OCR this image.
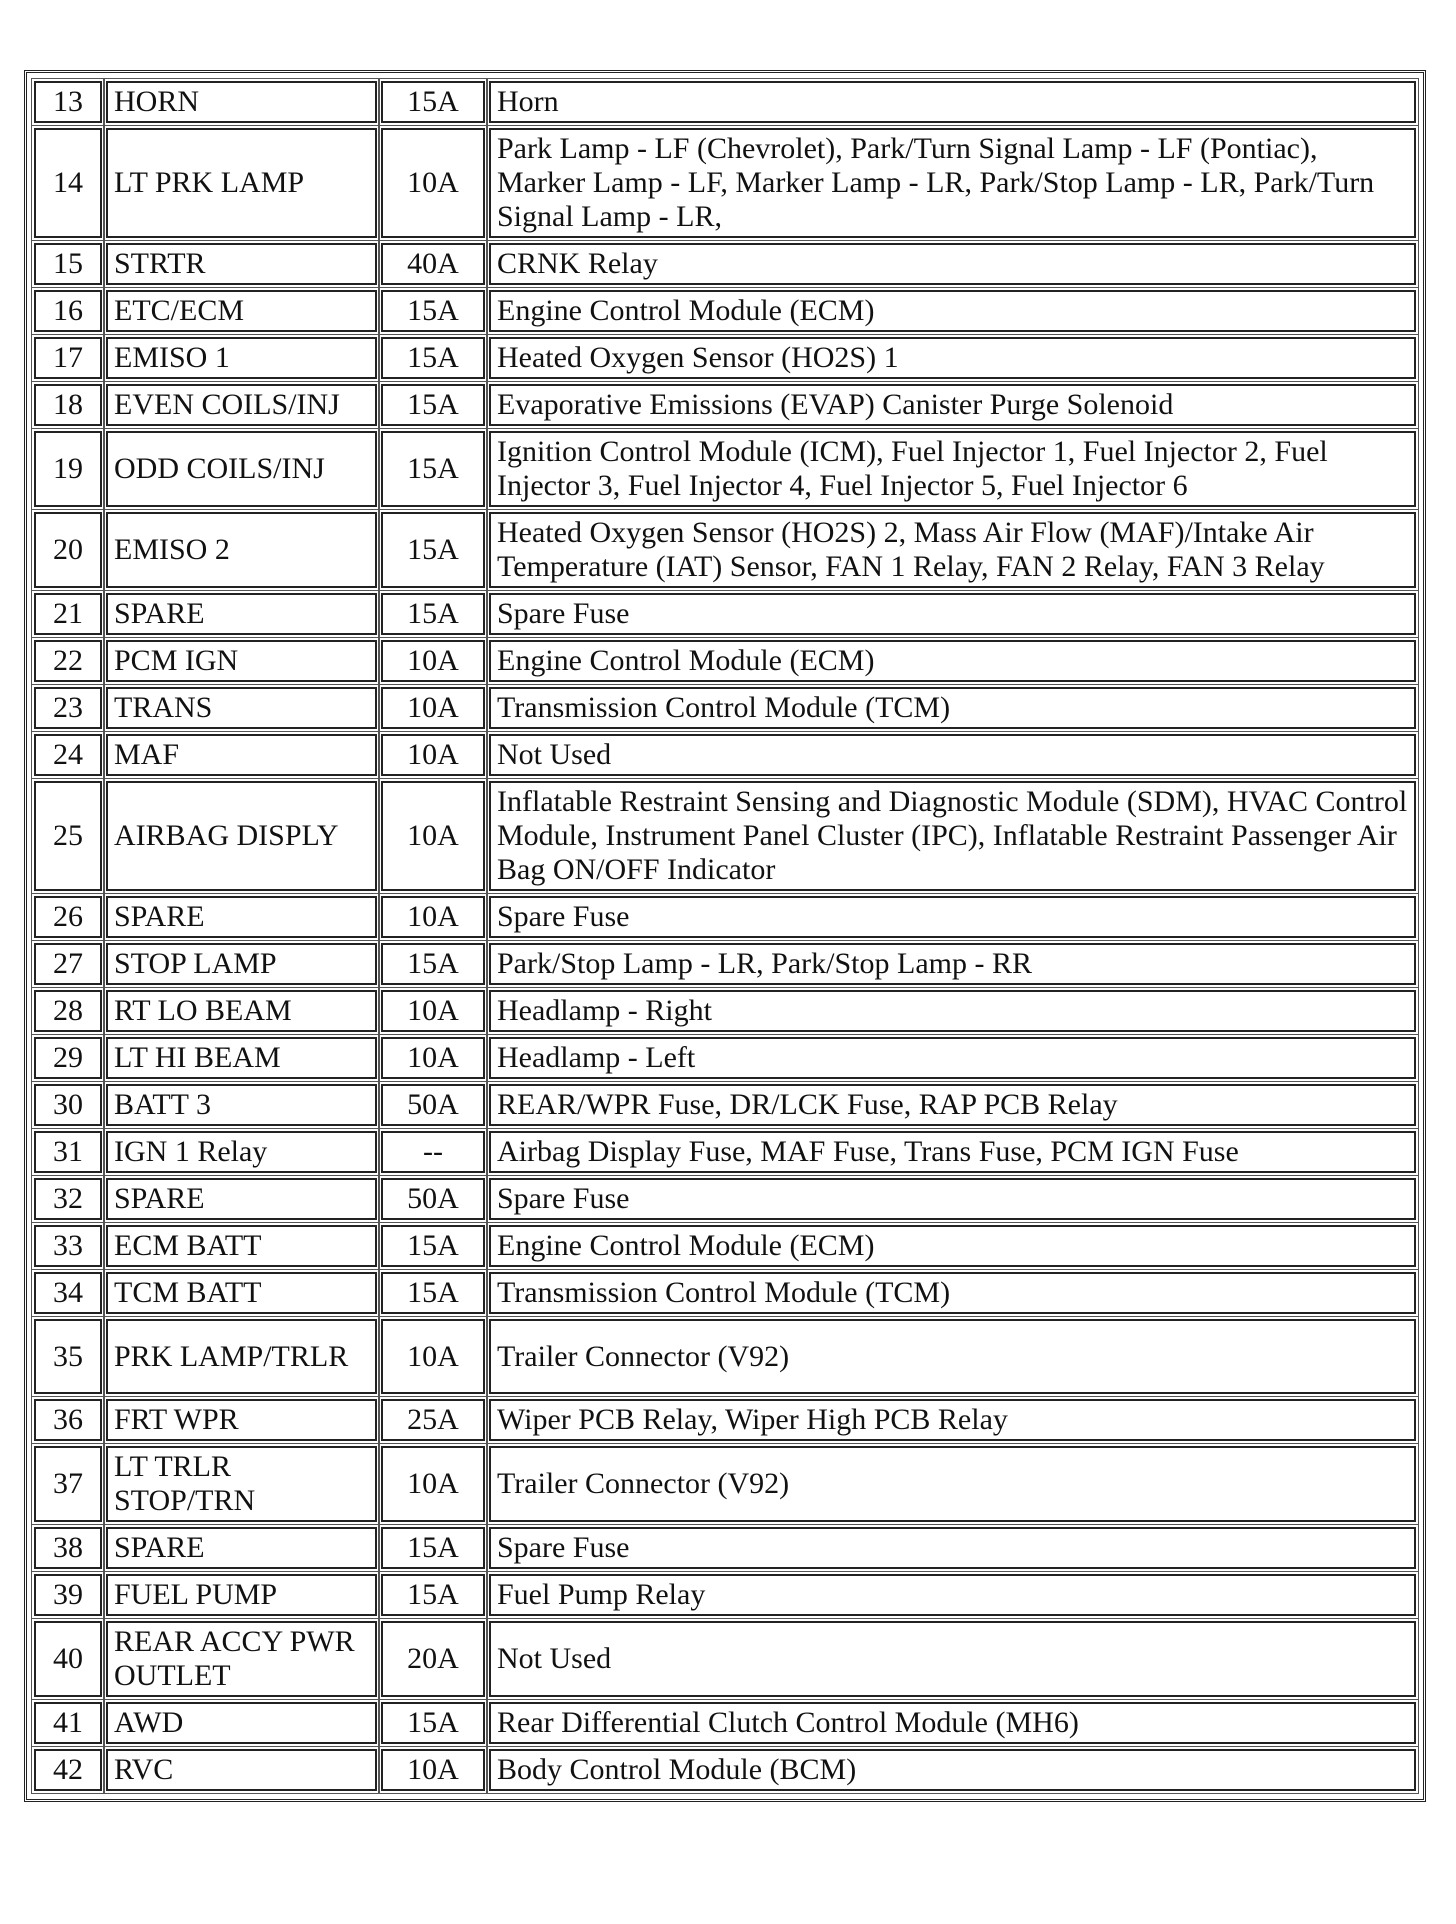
13	HORN	15A	Horn
14	LT PRK LAMP	10A	Park Lamp - LF (Chevrolet), Park/Turn Signal Lamp - LF (Pontiac), Marker Lamp - LF, Marker Lamp - LR, Park/Stop Lamp - LR, Park/Turn Signal Lamp - LR,
15	STRTR	40A	CRNK Relay
16	ETC/ECM	15A	Engine Control Module (ECM)
17	EMISO 1	15A	Heated Oxygen Sensor (HO2S) 1
18	EVEN COILS/INJ	15A	Evaporative Emissions (EVAP) Canister Purge Solenoid
19	ODD COILS/INJ	15A	Ignition Control Module (ICM), Fuel Injector 1, Fuel Injector 2, Fuel Injector 3, Fuel Injector 4, Fuel Injector 5, Fuel Injector 6
20	EMISO 2	15A	Heated Oxygen Sensor (HO2S) 2, Mass Air Flow (MAF)/Intake Air Temperature (IAT) Sensor, FAN 1 Relay, FAN 2 Relay, FAN 3 Relay
21	SPARE	15A	Spare Fuse
22	PCM IGN	10A	Engine Control Module (ECM)
23	TRANS	10A	Transmission Control Module (TCM)
24	MAF	10A	Not Used
25	AIRBAG DISPLY	10A	Inflatable Restraint Sensing and Diagnostic Module (SDM), HVAC Control Module, Instrument Panel Cluster (IPC), Inflatable Restraint Passenger Air Bag ON/OFF Indicator
26	SPARE	10A	Spare Fuse
27	STOP LAMP	15A	Park/Stop Lamp - LR, Park/Stop Lamp - RR
28	RT LO BEAM	10A	Headlamp - Right
29	LT HI BEAM	10A	Headlamp - Left
30	BATT 3	50A	REAR/WPR Fuse, DR/LCK Fuse, RAP PCB Relay
31	IGN 1 Relay	--	Airbag Display Fuse, MAF Fuse, Trans Fuse, PCM IGN Fuse
32	SPARE	50A	Spare Fuse
33	ECM BATT	15A	Engine Control Module (ECM)
34	TCM BATT	15A	Transmission Control Module (TCM)
35	PRK LAMP/TRLR	10A	Trailer Connector (V92)
36	FRT WPR	25A	Wiper PCB Relay, Wiper High PCB Relay
37	LT TRLR STOP/TRN	10A	Trailer Connector (V92)
38	SPARE	15A	Spare Fuse
39	FUEL PUMP	15A	Fuel Pump Relay
40	REAR ACCY PWR OUTLET	20A	Not Used
41	AWD	15A	Rear Differential Clutch Control Module (MH6)
42	RVC	10A	Body Control Module (BCM)
